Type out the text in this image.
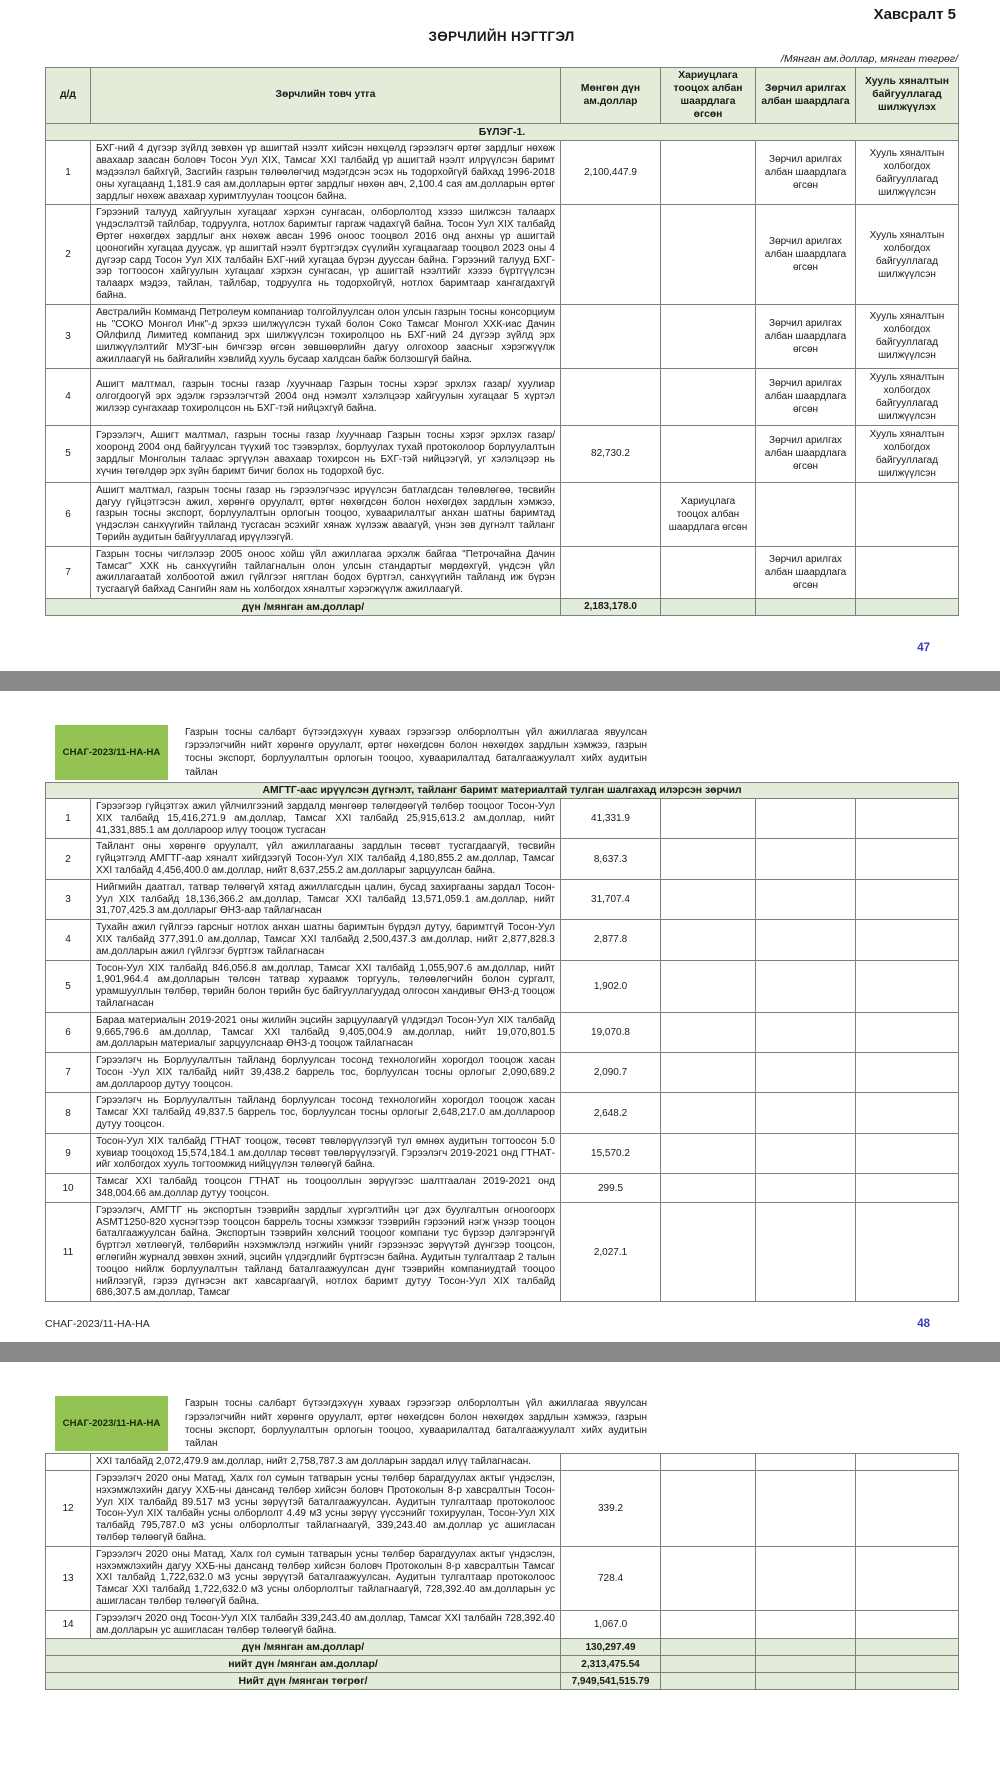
Хавсралт 5
ЗӨРЧЛИЙН НЭГТГЭЛ
/Мянган ам.доллар, мянган төгрөг/
д/д	Зөрчлийн товч утга	Мөнгөн дүн ам.доллар	Хариуцлага тооцох албан шаардлага өгсөн	Зөрчил арилгах албан шаардлага	Хууль хяналтын байгууллагад шилжүүлэх
БҮЛЭГ-1.					
1	БХГ-ний 4 дүгээр зүйлд зөвхөн үр ашигтай нээлт хийсэн нөхцөлд гэрээлэгч өртөг зардлыг нөхөж авахаар заасан боловч Тосон Уул XIX, Тамсаг XXI талбайд үр ашигтай нээлт илрүүлсэн баримт мэдээлэл байхгүй, Засгийн газрын төлөөлөгчид мэдэгдсэн эсэх нь тодорхойгүй байхад 1996-2018 оны хугацаанд 1,181.9 сая ам.долларын өртөг зардлыг нөхөн авч, 2,100.4 сая ам.долларын өртөг зардлыг нөхөж авахаар хуримтлуулан тооцсон байна.	2,100,447.9		Зөрчил арилгах албан шаардлага өгсөн	Хууль хяналтын холбогдох байгууллагад шилжүүлсэн
2	Гэрээний талууд хайгуулын хугацааг хэрхэн сунгасан, олборлолтод хэзээ шилжсэн талаарх үндэслэлтэй тайлбар, тодруулга, нотлох баримтыг гаргаж чадахгүй байна. Тосон Уул XIX талбайд Өртөг нөхөгдөх зардлыг анх нөхөж авсан 1996 оноос тооцвол 2016 онд анхны үр ашигтай цооногийн хугацаа дуусаж, үр ашигтай нээлт бүртгэгдэх сүүлийн хугацаагаар тооцвол 2023 оны 4 дүгээр сард Тосон Уул XIX талбайн БХГ-ний хугацаа бүрэн дууссан байна. Гэрээний талууд БХГ-ээр тогтоосон хайгуулын хугацааг хэрхэн сунгасан, үр ашигтай нээлтийг хэзээ бүртгүүлсэн талаарх мэдээ, тайлан, тайлбар, тодруулга нь тодорхойгүй, нотлох баримтаар хангагдахгүй байна.			Зөрчил арилгах албан шаардлага өгсөн	Хууль хяналтын холбогдох байгууллагад шилжүүлсэн
3	Австралийн Комманд Петролеум компаниар толгойлуулсан олон улсын газрын тосны консорциум нь "СОКО Монгол Инк"-д эрхээ шилжүүлсэн тухай болон Соко Тамсаг Монгол ХХК-иас Дачин Ойлфилд Лимитед компанид эрх шилжүүлсэн тохиролцоо нь БХГ-ний 24 дүгээр зүйлд эрх шилжүүлэлтийг МУЗГ-ын бичгээр өгсөн зөвшөөрлийн дагуу олгохоор заасныг хэрэгжүүлж ажиллаагүй нь байгалийн хэвлийд хууль бусаар халдсан байж болзошгүй байна.			Зөрчил арилгах албан шаардлага өгсөн	Хууль хяналтын холбогдох байгууллагад шилжүүлсэн
4	Ашигт малтмал, газрын тосны газар /хуучнаар Газрын тосны хэрэг эрхлэх газар/ хуулиар олгогдоогүй эрх эдэлж гэрээлэгчтэй 2004 онд нэмэлт хэлэлцээр хайгуулын хугацааг 5 хүртэл жилээр сунгахаар тохиролцсон нь БХГ-тэй нийцэхгүй байна.			Зөрчил арилгах албан шаардлага өгсөн	Хууль хяналтын холбогдох байгууллагад шилжүүлсэн
5	Гэрээлэгч, Ашигт малтмал, газрын тосны газар /хуучнаар Газрын тосны хэрэг эрхлэх газар/ хооронд 2004 онд байгуулсан түүхий тос тээвэрлэх, борлуулах тухай протоколоор борлуулалтын зардлыг Монголын талаас эргүүлэн авахаар тохирсон нь БХГ-тэй нийцээгүй, уг хэлэлцээр нь хүчин төгөлдөр эрх зүйн баримт бичиг болох нь тодорхой бус.	82,730.2		Зөрчил арилгах албан шаардлага өгсөн	Хууль хяналтын холбогдох байгууллагад шилжүүлсэн
6	Ашигт малтмал, газрын тосны газар нь гэрээлэгчээс ирүүлсэн батлагдсан төлөвлөгөө, төсвийн дагуу гүйцэтгэсэн ажил, хөрөнгө оруулалт, өртөг нөхөгдсөн болон нөхөгдөх зардлын хэмжээ, газрын тосны экспорт, борлуулалтын орлогын тооцоо, хуваарилалтыг анхан шатны баримтад үндэслэн санхүүгийн тайланд тусгасан эсэхийг хянаж хүлээж аваагүй, үнэн зөв дүгнэлт тайланг Төрийн аудитын байгууллагад ирүүлээгүй.		Хариуцлага тооцох албан шаардлага өгсөн		
7	Газрын тосны чиглэлээр 2005 оноос хойш үйл ажиллагаа эрхэлж байгаа "Петрочайна Дачин Тамсаг" ХХК нь санхүүгийн тайлагналын олон улсын стандартыг мөрдөхгүй, үндсэн үйл ажиллагаатай холбоотой ажил гүйлгээг нягтлан бодох бүртгэл, санхүүгийн тайланд иж бүрэн тусгаагүй байхад Сангийн яам нь холбогдох хяналтыг хэрэгжүүлж ажиллаагүй.			Зөрчил арилгах албан шаардлага өгсөн	
дүн /мянган ам.доллар/		2,183,178.0			
47
СНАГ-2023/11-НА-НА
Газрын тосны салбарт бүтээгдэхүүн хуваах гэрээгээр олборлолтын үйл ажиллагаа явуулсан гэрээлэгчийн нийт хөрөнгө оруулалт, өртөг нөхөгдсөн болон нөхөгдөх зардлын хэмжээ, газрын тосны экспорт, борлуулалтын орлогын тооцоо, хуваарилалтад баталгаажуулалт хийх аудитын тайлан
АМГТГ-аас ирүүлсэн дүгнэлт, тайланг баримт материалтай тулган шалгахад илэрсэн зөрчил					
1	Гэрээгээр гүйцэтгэх ажил үйлчилгээний зардалд мөнгөөр төлөгдөөгүй төлбөр тооцоог Тосон-Уул XIX талбайд 15,416,271.9 ам.доллар, Тамсаг XXI талбайд 25,915,613.2 ам.доллар, нийт 41,331,885.1 ам доллароор илүү тооцож тусгасан	41,331.9			
2	Тайлант оны хөрөнгө оруулалт, үйл ажиллагааны зардлын төсөвт тусгагдаагүй, төсвийн гүйцэтгэлд АМГТГ-аар хяналт хийгдээгүй Тосон-Уул XIX талбайд 4,180,855.2 ам.доллар, Тамсаг XXI талбайд 4,456,400.0 ам.доллар, нийт 8,637,255.2 ам.долларыг зарцуулсан байна.	8,637.3			
3	Нийгмийн даатгал, татвар төлөөгүй хятад ажиллагсдын цалин, бусад захиргааны зардал Тосон-Уул XIX талбайд 18,136,366.2 ам.доллар, Тамсаг XXI талбайд 13,571,059.1 ам.доллар, нийт 31,707,425.3 ам.долларыг ӨНЗ-аар тайлагнасан	31,707.4			
4	Тухайн ажил гүйлгээ гарсныг нотлох анхан шатны баримтын бүрдэл дутуу, баримтгүй Тосон-Уул XIX талбайд 377,391.0 ам.доллар, Тамсаг XXI талбайд 2,500,437.3 ам.доллар, нийт 2,877,828.3 ам.долларын ажил гүйлгээг бүртгэж тайлагнасан	2,877.8			
5	Тосон-Уул XIX талбайд 846,056.8 ам.доллар, Тамсаг XXI талбайд 1,055,907.6 ам.доллар, нийт 1,901,964.4 ам.долларын төлсөн татвар хураамж торгууль, төлөөлөгчийн болон сургалт, урамшууллын төлбөр, төрийн болон төрийн бус байгууллагуудад олгосон хандивыг ӨНЗ-д тооцож тайлагнасан	1,902.0			
6	Бараа материалын 2019-2021 оны жилийн эцсийн зарцуулаагүй үлдэгдэл Тосон-Уул XIX талбайд 9,665,796.6 ам.доллар, Тамсаг XXI талбайд 9,405,004.9 ам.доллар, нийт 19,070,801.5 ам.долларын материалыг зарцуулснаар ӨНЗ-д тооцож тайлагнасан	19,070.8			
7	Гэрээлэгч нь Борлуулалтын тайланд борлуулсан тосонд технологийн хорогдол тооцож хасан Тосон -Уул XIX талбайд нийт 39,438.2 баррель тос, борлуулсан тосны орлогыг 2,090,689.2 ам.доллароор дутуу тооцсон.	2,090.7			
8	Гэрээлэгч нь Борлуулалтын тайланд борлуулсан тосонд технологийн хорогдол тооцож хасан Тамсаг XXI талбайд 49,837.5 баррель тос, борлуулсан тосны орлогыг 2,648,217.0 ам.доллароор дутуу тооцсон.	2,648.2			
9	Тосон-Уул XIX талбайд ГТНАТ тооцож, төсөвт төвлөрүүлээгүй тул өмнөх аудитын тогтоосон 5.0 хувиар тооцоход 15,574,184.1 ам.доллар төсөвт төвлөрүүлээгүй. Гэрээлэгч 2019-2021 онд ГТНАТ-ийг холбогдох хууль тогтоомжид нийцүүлэн төлөөгүй байна.	15,570.2			
10	Тамсаг XXI талбайд тооцсон ГТНАТ нь тооцооллын зөрүүгээс шалтгаалан 2019-2021 онд 348,004.66 ам.доллар дутуу тооцсон.	299.5			
11	Гэрээлэгч, АМГТГ нь экспортын тээврийн зардлыг хүргэлтийн цэг дэх буулгалтын огноогоорх ASMT1250-820 хүснэгтээр тооцсон баррель тосны хэмжээг тээврийн гэрээний нэгж үнээр тооцон баталгаажуулсан байна. Экспортын тээврийн хөлсний тооцоог компани тус бүрээр дэлгэрэнгүй бүртгэл хөтлөөгүй, төлбөрийн нэхэмжлэлд нэгжийн үнийг гэрээнээс зөрүүтэй дүнгээр тооцсон, өглөгийн журналд зөвхөн эхний, эцсийн үлдэгдлийг бүртгэсэн байна. Аудитын тулгалтаар 2 талын тооцоо нийлж борлуулалтын тайланд баталгаажуулсан дүнг тээврийн компаниудтай тооцоо нийлээгүй, гэрээ дүгнэсэн акт хавсаргаагүй, нотлох баримт дутуу Тосон-Уул XIX талбайд 686,307.5 ам.доллар, Тамсаг	2,027.1			
СНАГ-2023/11-НА-НА	48
СНАГ-2023/11-НА-НА
Газрын тосны салбарт бүтээгдэхүүн хуваах гэрээгээр олборлолтын үйл ажиллагаа явуулсан гэрээлэгчийн нийт хөрөнгө оруулалт, өртөг нөхөгдсөн болон нөхөгдөх зардлын хэмжээ, газрын тосны экспорт, борлуулалтын орлогын тооцоо, хуваарилалтад баталгаажуулалт хийх аудитын тайлан
	XXI талбайд 2,072,479.9 ам.доллар, нийт 2,758,787.3 ам долларын зардал илүү тайлагнасан.				
12	Гэрээлэгч 2020 оны Матад, Халх гол сумын татварын усны төлбөр барагдуулах актыг үндэслэн, нэхэмжлэхийн дагуу ХХБ-ны дансанд төлбөр хийсэн боловч Протоколын 8-р хавсралтын Тосон-Уул XIX талбайд 89.517 м3 усны зөрүүтэй баталгаажуулсан. Аудитын тулгалтаар протоколоос Тосон-Уул XIX талбайн усны олборлолт 4.49 м3 усны зөрүү үүссэнийг тохируулан, Тосон-Уул XIX талбайд 795,787.0 м3 усны олборлолтыг тайлагнаагүй, 339,243.40 ам.доллар ус ашигласан төлбөр төлөөгүй байна.	339.2			
13	Гэрээлэгч 2020 оны Матад, Халх гол сумын татварын усны төлбөр барагдуулах актыг үндэслэн, нэхэмжлэхийн дагуу ХХБ-ны дансанд төлбөр хийсэн боловч Протоколын 8-р хавсралтын Тамсаг XXI талбайд 1,722,632.0 м3 усны зөрүүтэй баталгаажуулсан. Аудитын тулгалтаар протоколоос Тамсаг XXI талбайд 1,722,632.0 м3 усны олборлолтыг тайлагнаагүй, 728,392.40 ам.долларын ус ашигласан төлбөр төлөөгүй байна.	728.4			
14	Гэрээлэгч 2020 онд Тосон-Уул XIX талбайн 339,243.40 ам.доллар, Тамсаг XXI талбайн 728,392.40 ам.долларын ус ашигласан төлбөр төлөөгүй байна.	1,067.0			
дүн /мянган ам.доллар/		130,297.49			
нийт дүн /мянган ам.доллар/		2,313,475.54			
Нийт дүн /мянган төгрөг/		7,949,541,515.79			
